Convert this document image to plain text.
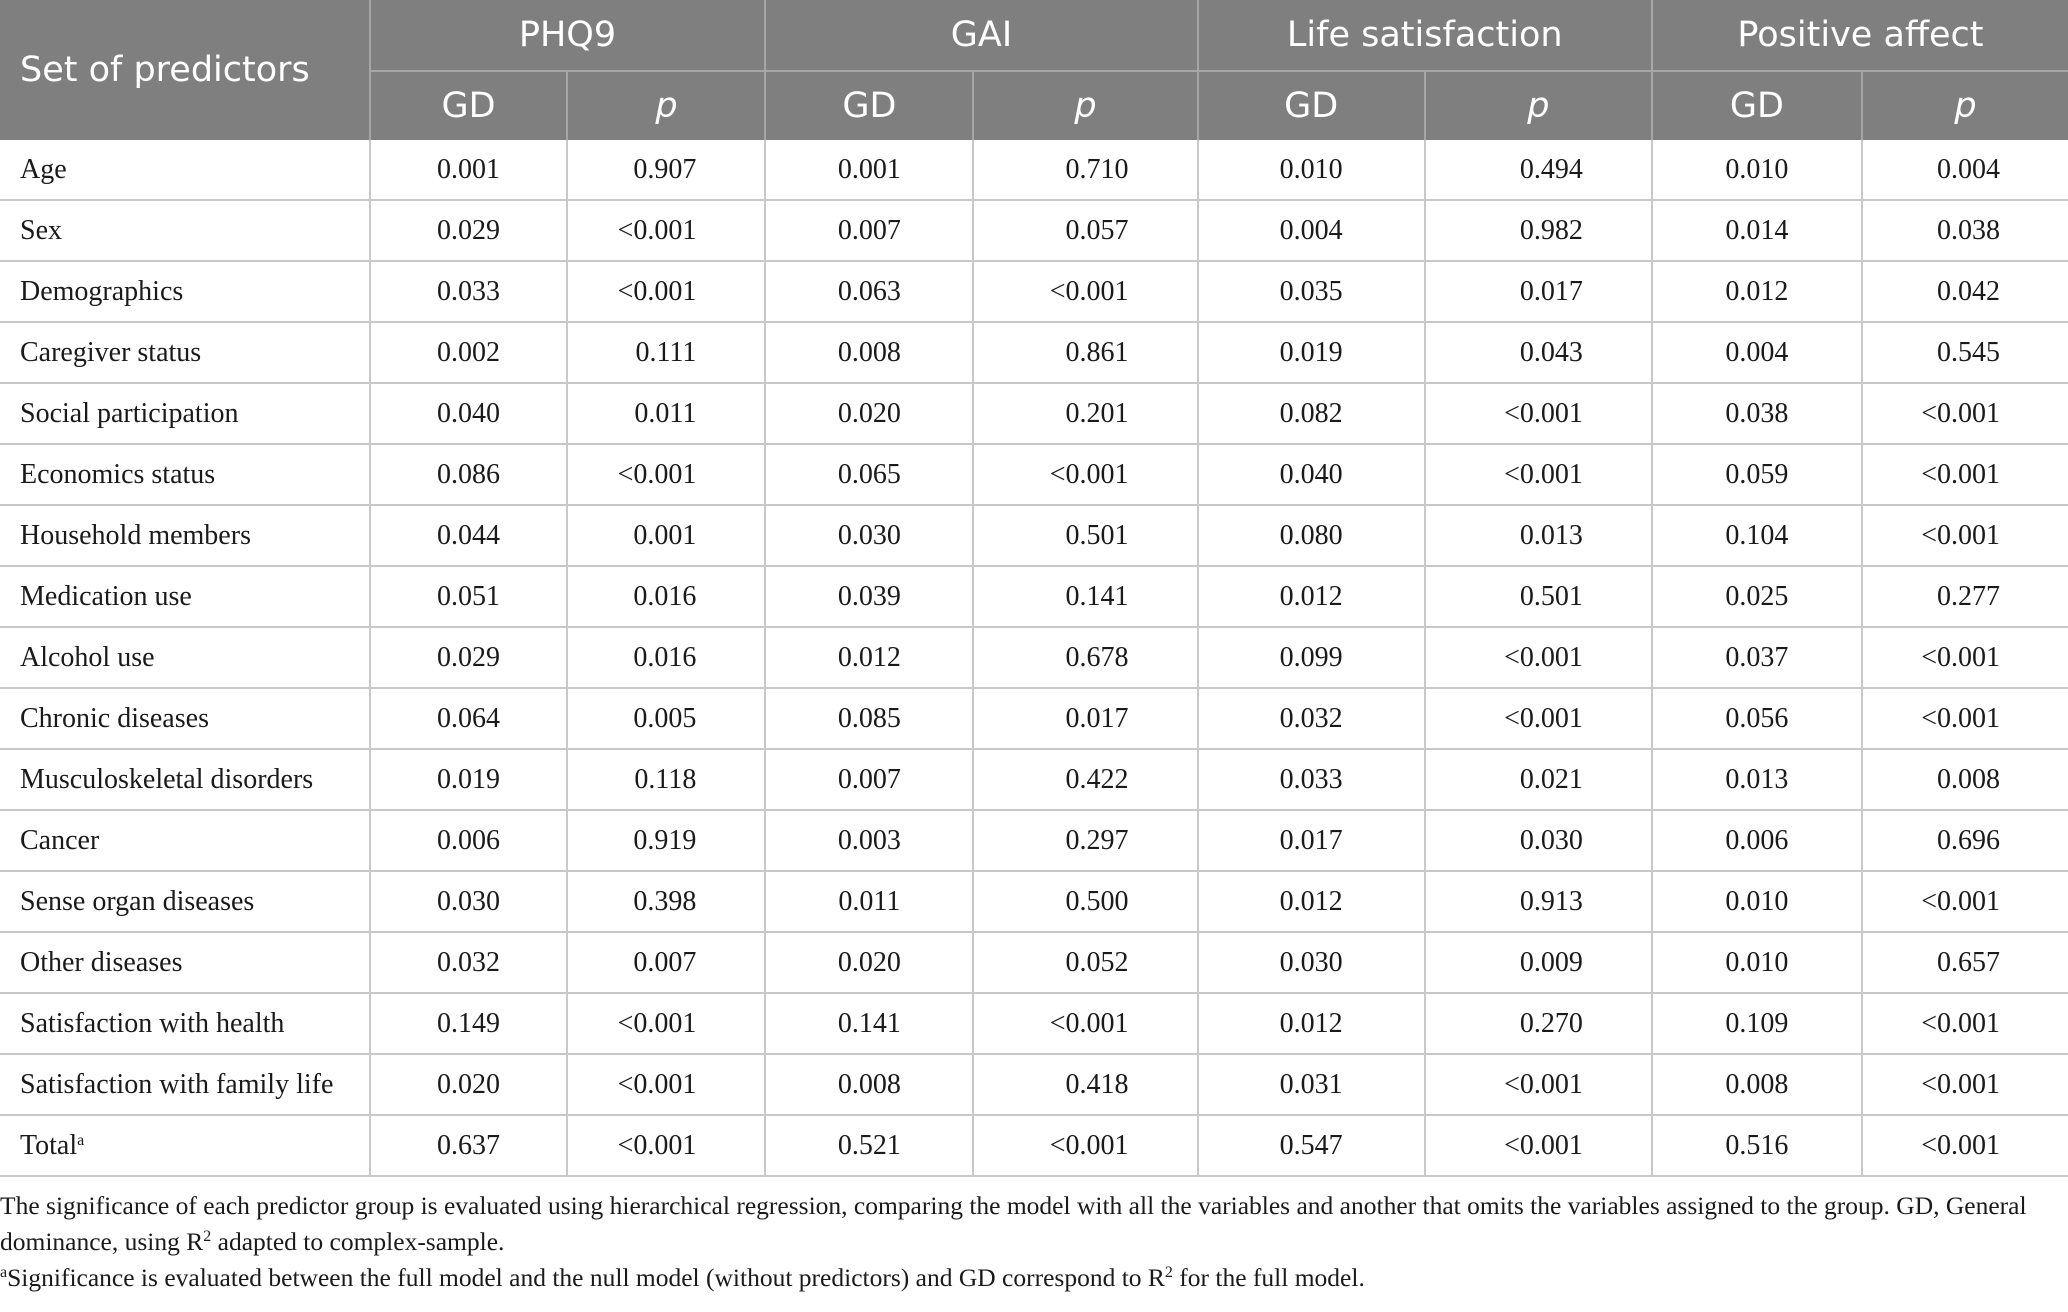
Set of predictors	PHQ9		GAI		Life satisfaction		Positive affect	
	GD	p	GD	p	GD	p	GD	p
Age	0.001	0.907	0.001	0.710	0.010	0.494	0.010	0.004
Sex	0.029	<0.001	0.007	0.057	0.004	0.982	0.014	0.038
Demographics	0.033	<0.001	0.063	<0.001	0.035	0.017	0.012	0.042
Caregiver status	0.002	0.111	0.008	0.861	0.019	0.043	0.004	0.545
Social participation	0.040	0.011	0.020	0.201	0.082	<0.001	0.038	<0.001
Economics status	0.086	<0.001	0.065	<0.001	0.040	<0.001	0.059	<0.001
Household members	0.044	0.001	0.030	0.501	0.080	0.013	0.104	<0.001
Medication use	0.051	0.016	0.039	0.141	0.012	0.501	0.025	0.277
Alcohol use	0.029	0.016	0.012	0.678	0.099	<0.001	0.037	<0.001
Chronic diseases	0.064	0.005	0.085	0.017	0.032	<0.001	0.056	<0.001
Musculoskeletal disorders	0.019	0.118	0.007	0.422	0.033	0.021	0.013	0.008
Cancer	0.006	0.919	0.003	0.297	0.017	0.030	0.006	0.696
Sense organ diseases	0.030	0.398	0.011	0.500	0.012	0.913	0.010	<0.001
Other diseases	0.032	0.007	0.020	0.052	0.030	0.009	0.010	0.657
Satisfaction with health	0.149	<0.001	0.141	<0.001	0.012	0.270	0.109	<0.001
Satisfaction with family life	0.020	<0.001	0.008	0.418	0.031	<0.001	0.008	<0.001
Total$^a$	0.637	<0.001	0.521	<0.001	0.547	<0.001	0.516	<0.001

The significance of each predictor group is evaluated using hierarchical regression, comparing the model with all the variables and another that omits the variables assigned to the group. GD, General dominance, using $R^2$ adapted to complex-sample.

$^a$Significance is evaluated between the full model and the null model (without predictors) and GD correspond to $R^2$ for the full model.
